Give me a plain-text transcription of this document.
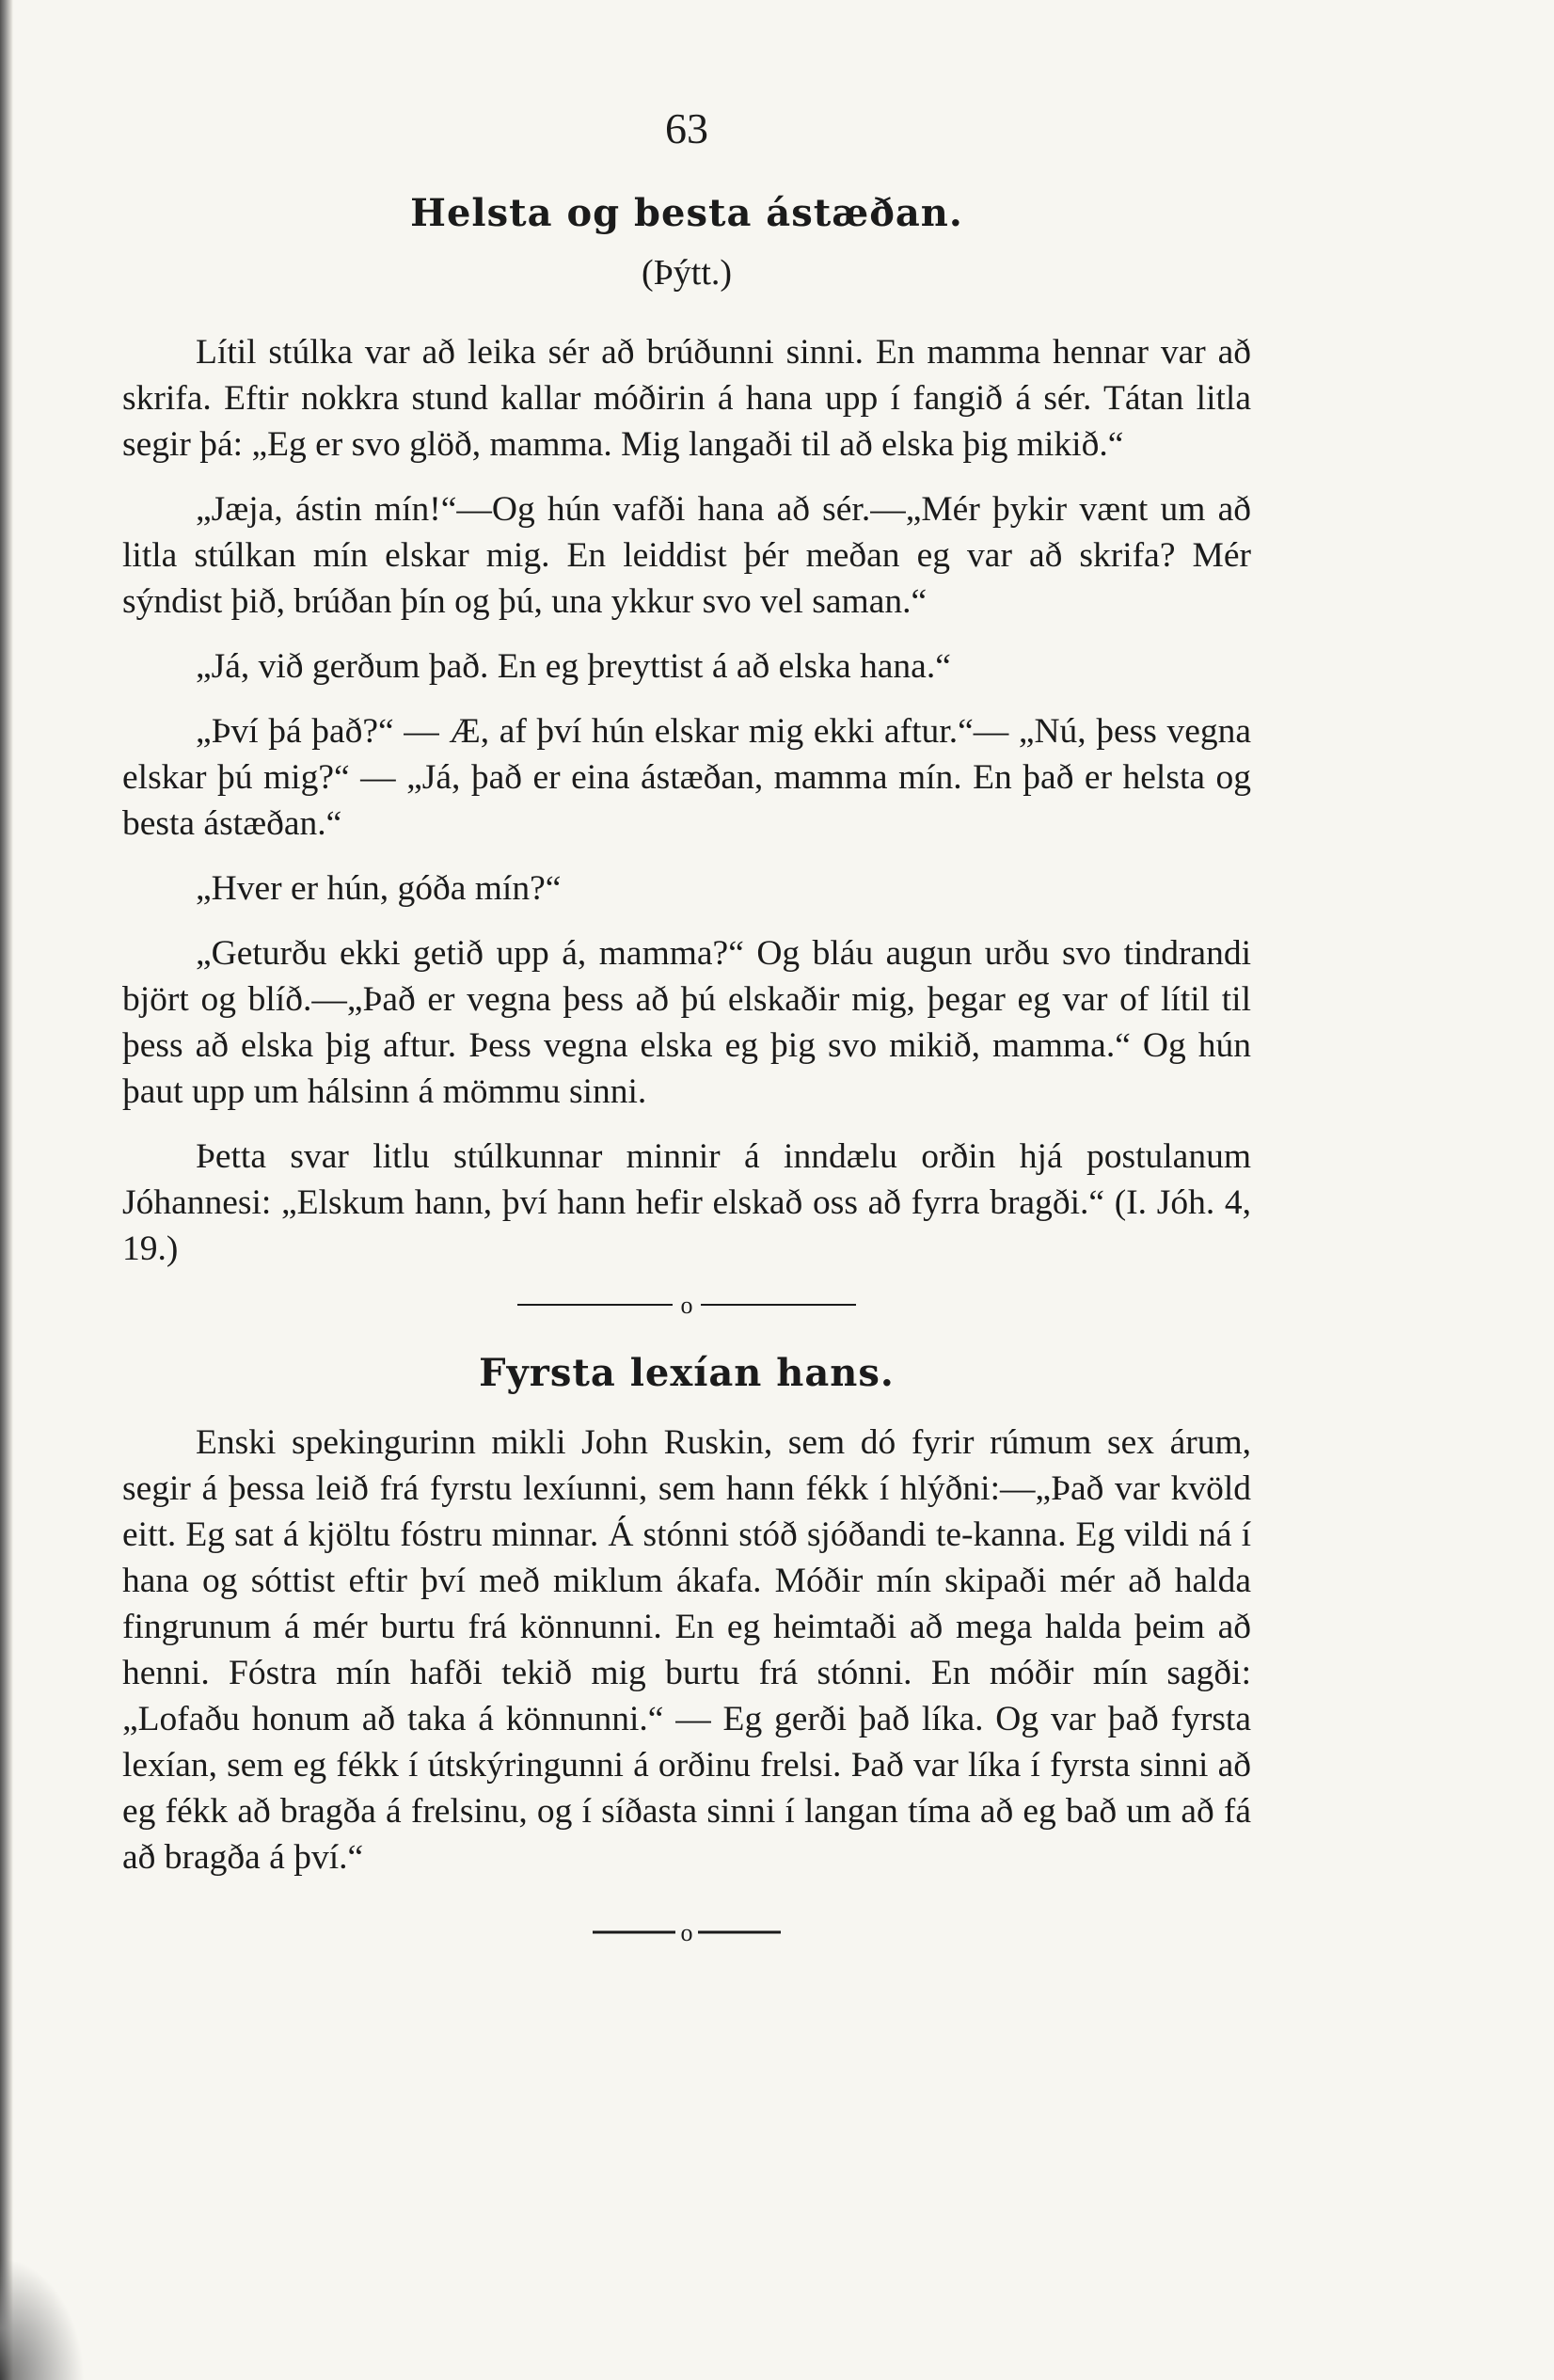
63
Helsta og besta ástæðan.
(Þýtt.)

Lítil stúlka var að leika sér að brúðunni sinni. En mamma hennar var að skrifa. Eftir nokkra stund kallar móðirin á hana upp í fangið á sér. Tátan litla segir þá: „Eg er svo glöð, mamma. Mig langaði til að elska þig mikið.“

„Jæja, ástin mín!“—Og hún vafði hana að sér.—„Mér þykir vænt um að litla stúlkan mín elskar mig. En leiddist þér meðan eg var að skrifa? Mér sýndist þið, brúðan þín og þú, una ykkur svo vel saman.“

„Já, við gerðum það. En eg þreyttist á að elska hana.“

„Því þá það?“ — Æ, af því hún elskar mig ekki aftur.“— „Nú, þess vegna elskar þú mig?“ — „Já, það er eina ástæðan, mamma mín. En það er helsta og besta ástæðan.“

„Hver er hún, góða mín?“

„Geturðu ekki getið upp á, mamma?“ Og bláu augun urðu svo tindrandi björt og blíð.—„Það er vegna þess að þú elskaðir mig, þegar eg var of lítil til þess að elska þig aftur. Þess vegna elska eg þig svo mikið, mamma.“ Og hún þaut upp um hálsinn á mömmu sinni.

Þetta svar litlu stúlkunnar minnir á inndælu orðin hjá postulanum Jóhannesi: „Elskum hann, því hann hefir elskað oss að fyrra bragði.“ (I. Jóh. 4, 19.)

o
Fyrsta lexían hans.

Enski spekingurinn mikli John Ruskin, sem dó fyrir rúmum sex árum, segir á þessa leið frá fyrstu lexíunni, sem hann fékk í hlýðni:—„Það var kvöld eitt. Eg sat á kjöltu fóstru minnar. Á stónni stóð sjóðandi te-kanna. Eg vildi ná í hana og sóttist eftir því með miklum ákafa. Móðir mín skipaði mér að halda fingrunum á mér burtu frá könnunni. En eg heimtaði að mega halda þeim að henni. Fóstra mín hafði tekið mig burtu frá stónni. En móðir mín sagði: „Lofaðu honum að taka á könnunni.“ — Eg gerði það líka. Og var það fyrsta lexían, sem eg fékk í útskýringunni á orðinu frelsi. Það var líka í fyrsta sinni að eg fékk að bragða á frelsinu, og í síðasta sinni í langan tíma að eg bað um að fá að bragða á því.“

o
